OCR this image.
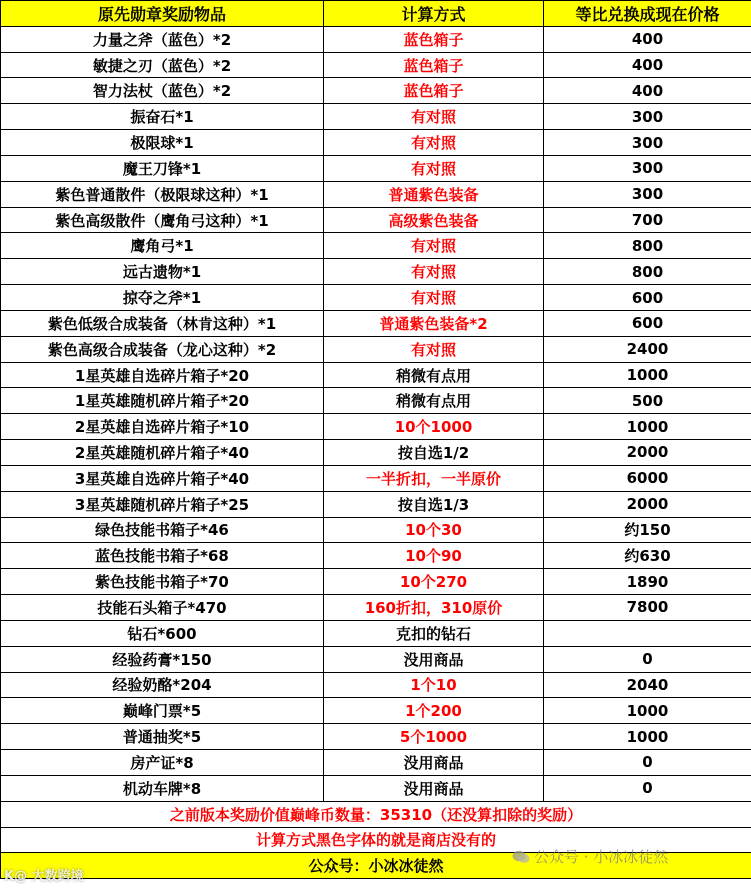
原先勋章奖励物品	计算方式	等比兑换成现在价格
力量之斧（蓝色）*2	蓝色箱子	400
敏捷之刃（蓝色）*2	蓝色箱子	400
智力法杖（蓝色）*2	蓝色箱子	400
振奋石*1	有对照	300
极限球*1	有对照	300
魔王刀锋*1	有对照	300
紫色普通散件（极限球这种）*1	普通紫色装备	300
紫色高级散件（鹰角弓这种）*1	高级紫色装备	700
鹰角弓*1	有对照	800
远古遗物*1	有对照	800
掠夺之斧*1	有对照	600
紫色低级合成装备（林肯这种）*1	普通紫色装备*2	600
紫色高级合成装备（龙心这种）*2	有对照	2400
1星英雄自选碎片箱子*20	稍微有点用	1000
1星英雄随机碎片箱子*20	稍微有点用	500
2星英雄自选碎片箱子*10	10个1000	1000
2星英雄随机碎片箱子*40	按自选1/2	2000
3星英雄自选碎片箱子*40	一半折扣，一半原价	6000
3星英雄随机碎片箱子*25	按自选1/3	2000
绿色技能书箱子*46	10个30	约150
蓝色技能书箱子*68	10个90	约630
紫色技能书箱子*70	10个270	1890
技能石头箱子*470	160折扣，310原价	7800
钻石*600	克扣的钻石	
经验药膏*150	没用商品	0
经验奶酪*204	1个10	2040
巅峰门票*5	1个200	1000
普通抽奖*5	5个1000	1000
房产证*8	没用商品	0
机动车牌*8	没用商品	0
之前版本奖励价值巅峰币数量：35310（还没算扣除的奖励）		
计算方式黑色字体的就是商店没有的		
公众号：小冰冰徒然		
K@ 大数跨境
公众号 · 小冰冰徒然
